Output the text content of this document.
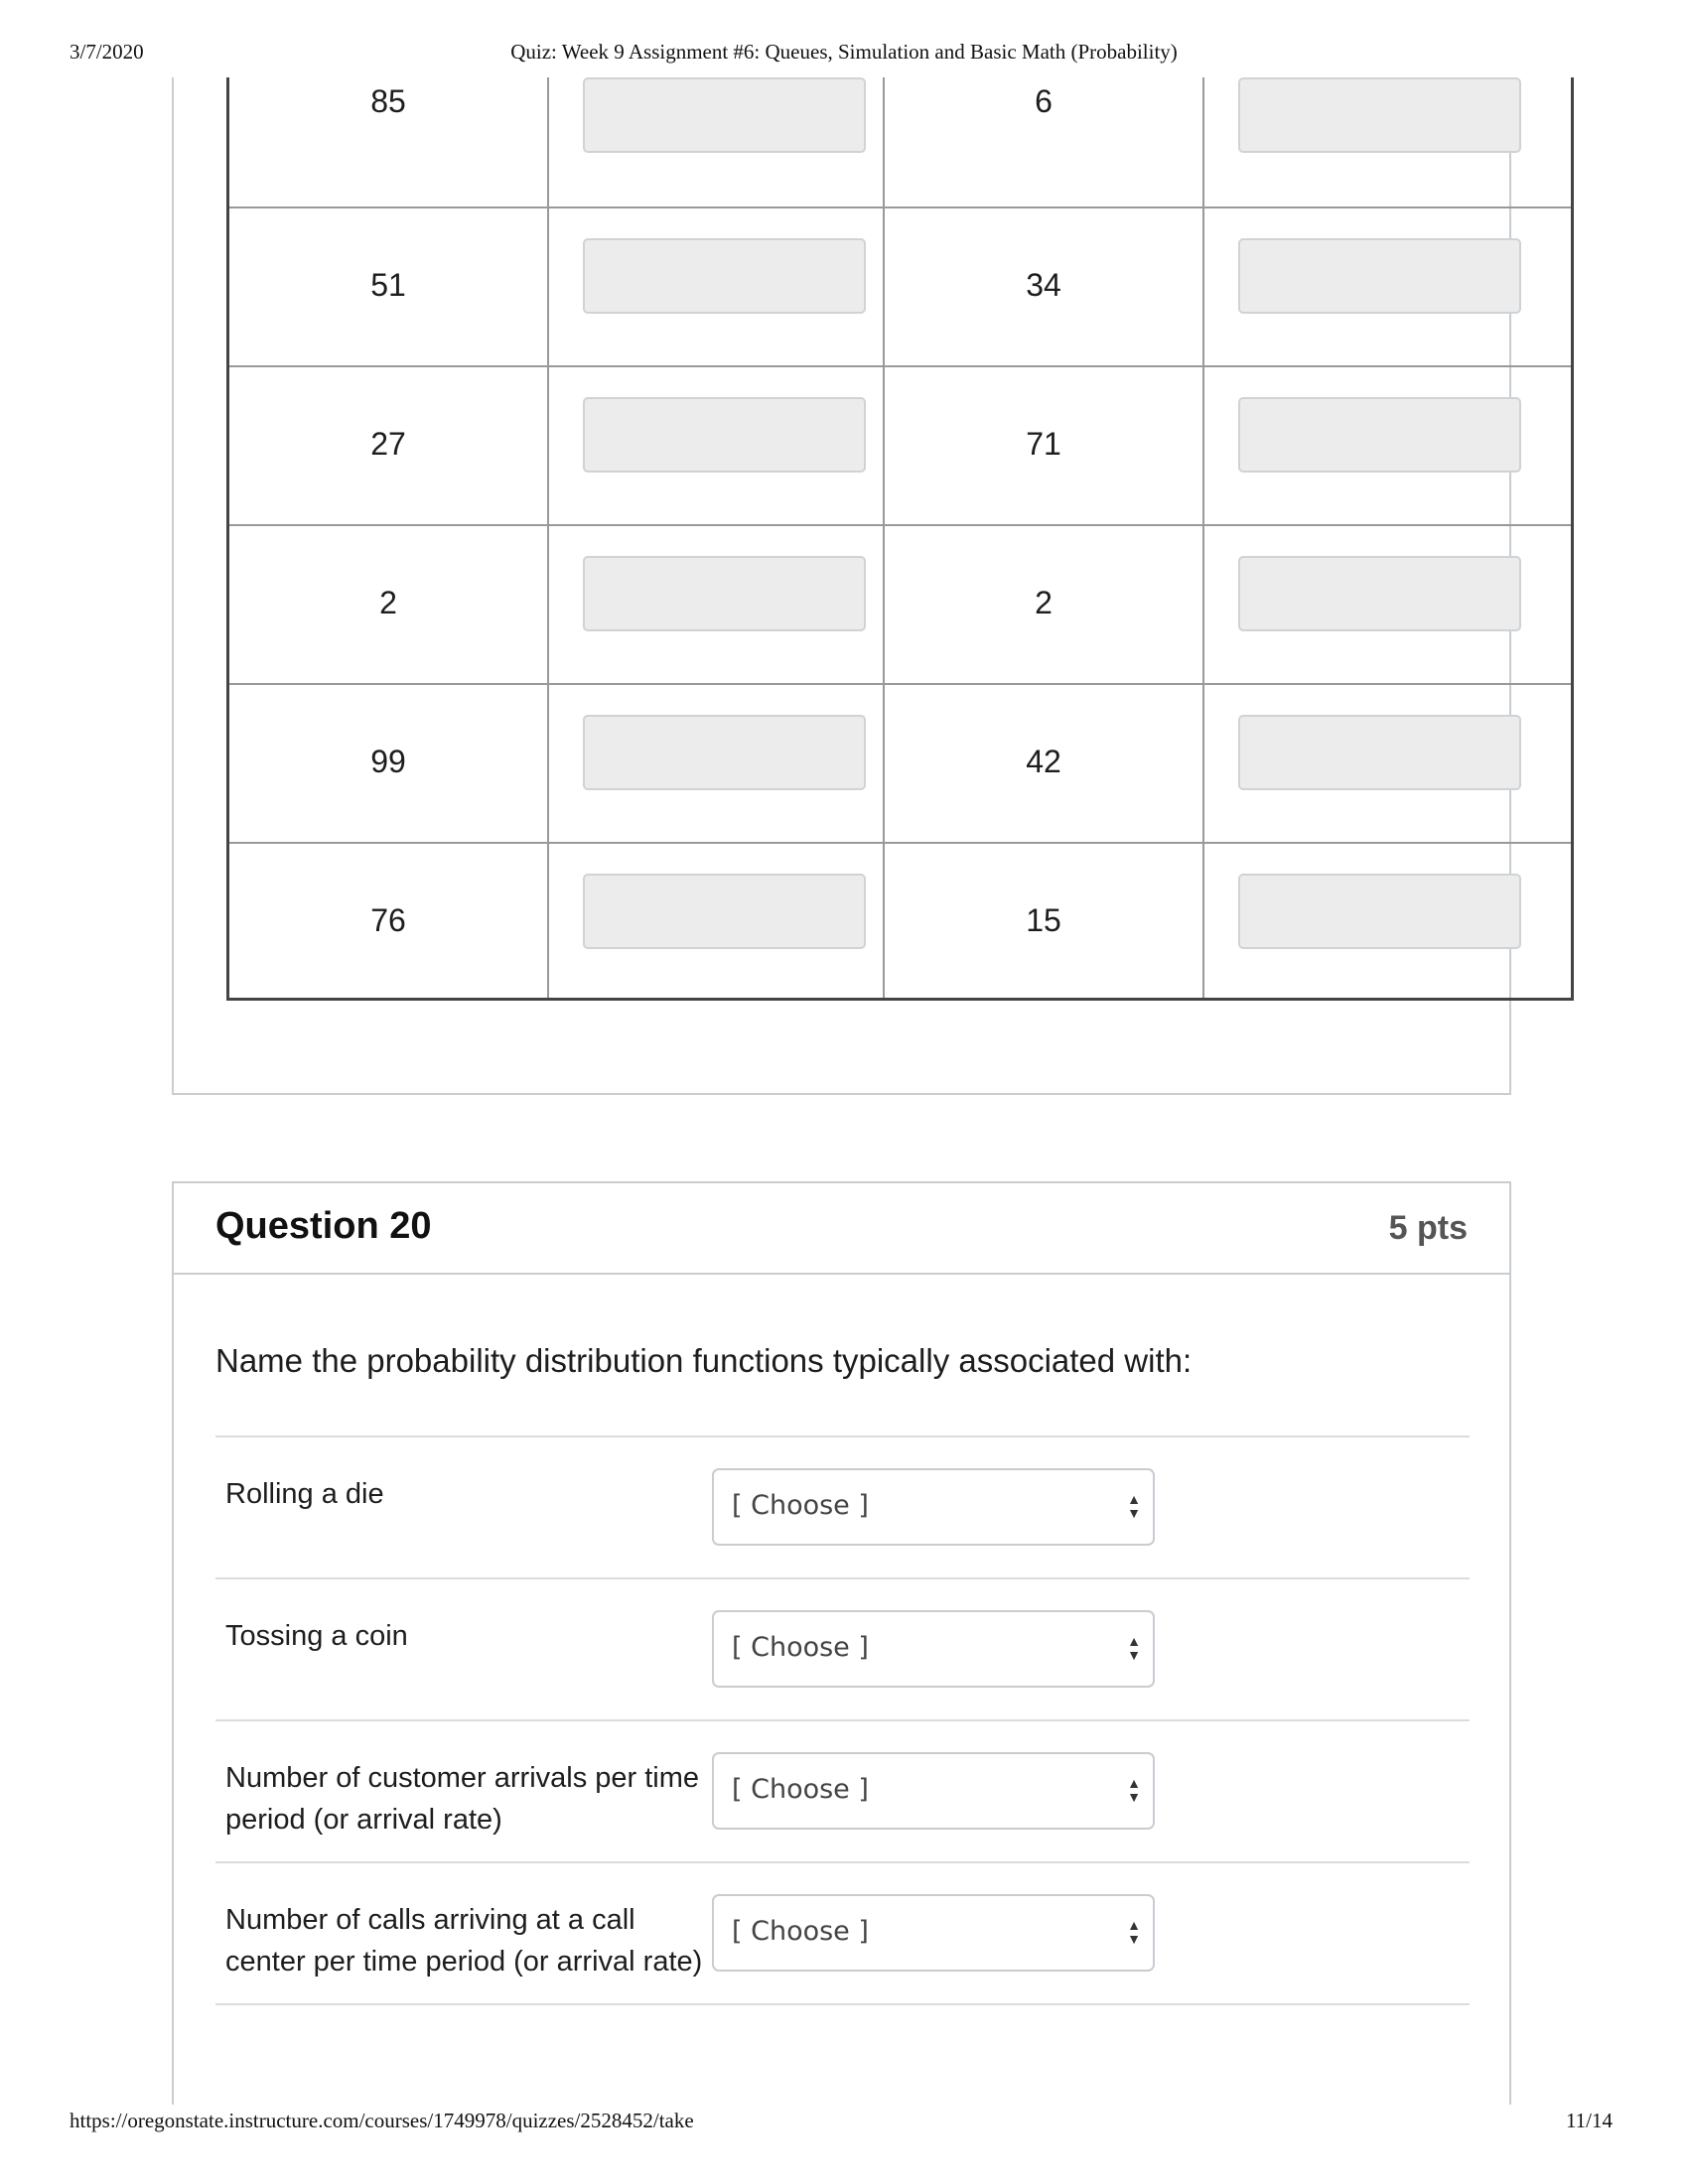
3/7/2020	Quiz: Week 9 Assignment #6: Queues, Simulation and Basic Math (Probability)
85	6
51	34
27	71
2	2
99	42
76	15
Question 20	5 pts
Name the probability distribution functions typically associated with:
Rolling a die	[ Choose ]	▲
▼
Tossing a coin	[ Choose ]	▲
▼
Number of customer arrivals per time period (or arrival rate)
[ Choose ]	▲
▼
Number of calls arriving at a call center per time period (or arrival rate)
[ Choose ]	▲
▼
https://oregonstate.instructure.com/courses/1749978/quizzes/2528452/take	11/14
